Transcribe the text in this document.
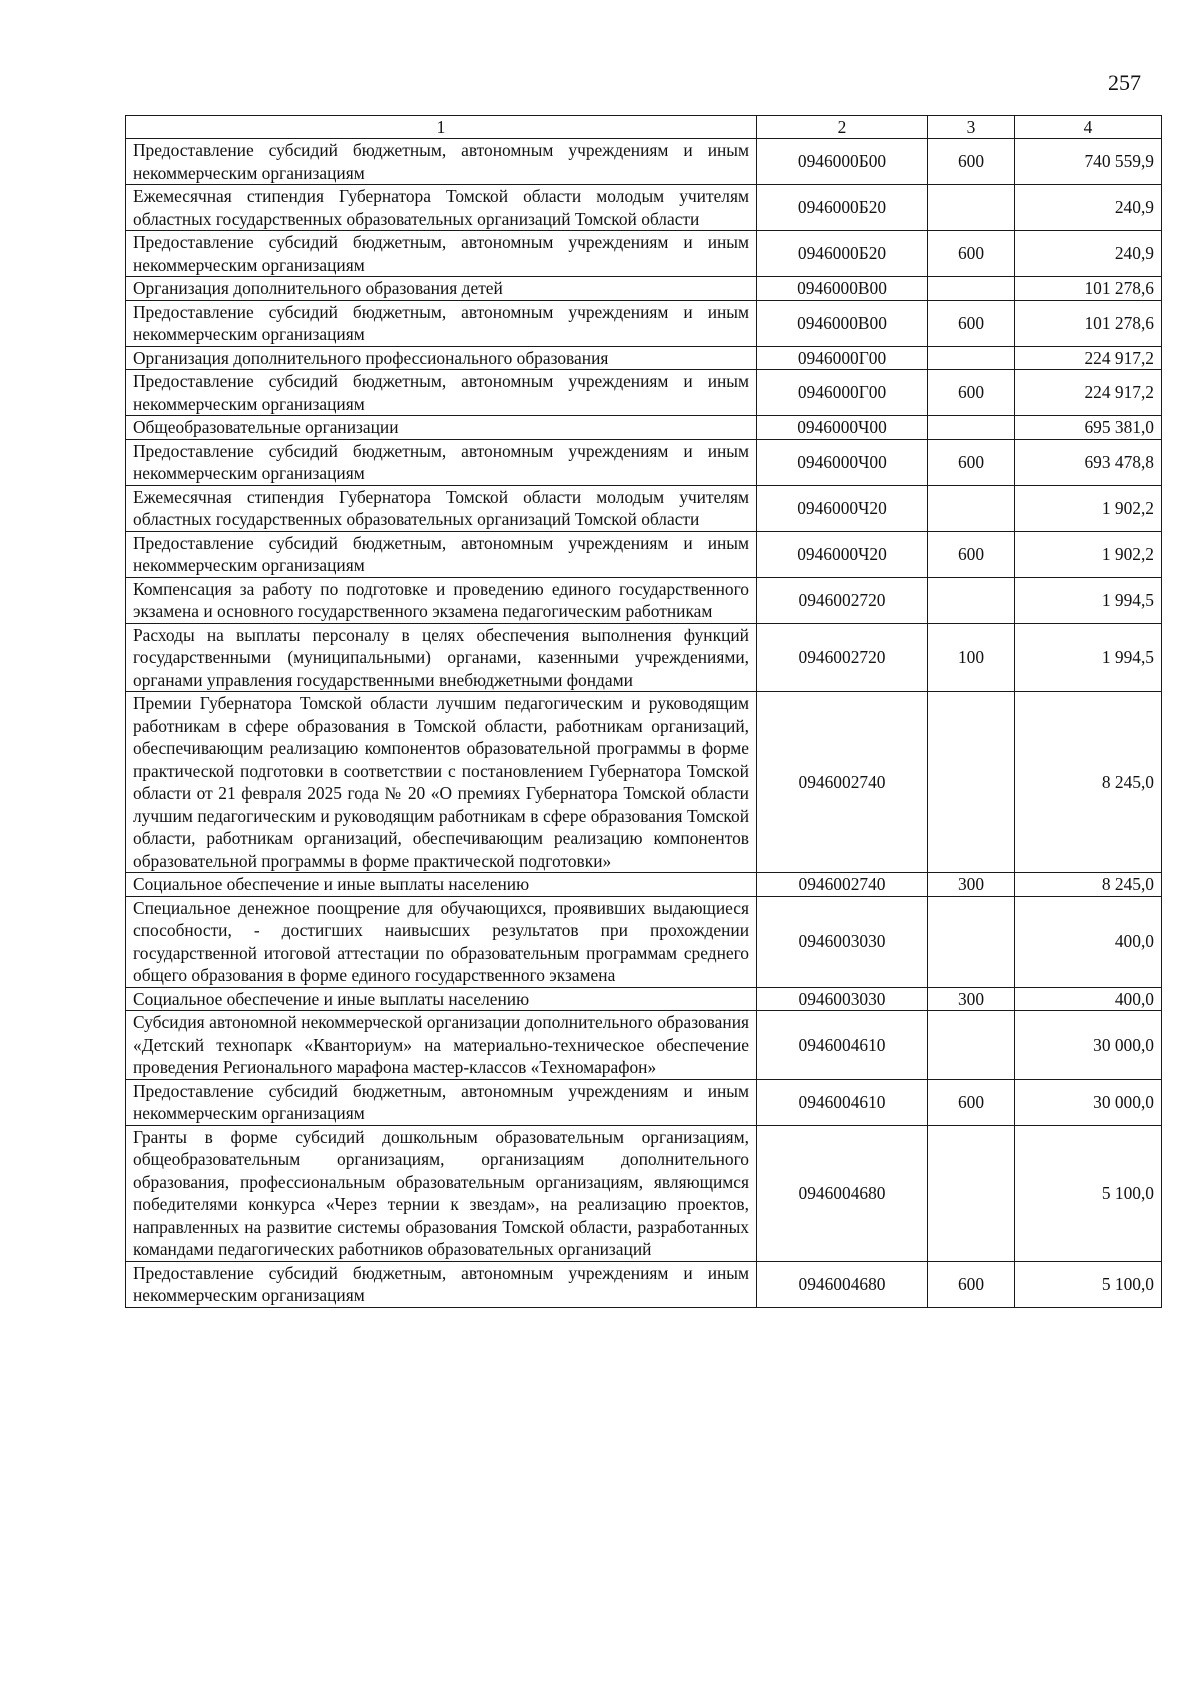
257
1	2	3	4
Предоставление субсидий бюджетным, автономным учреждениям и иным некоммерческим организациям	0946000Б00	600	740 559,9
Ежемесячная стипендия Губернатора Томской области молодым учителям областных государственных образовательных организаций Томской области	0946000Б20		240,9
Предоставление субсидий бюджетным, автономным учреждениям и иным некоммерческим организациям	0946000Б20	600	240,9
Организация дополнительного образования детей	0946000В00		101 278,6
Предоставление субсидий бюджетным, автономным учреждениям и иным некоммерческим организациям	0946000В00	600	101 278,6
Организация дополнительного профессионального образования	0946000Г00		224 917,2
Предоставление субсидий бюджетным, автономным учреждениям и иным некоммерческим организациям	0946000Г00	600	224 917,2
Общеобразовательные организации	0946000Ч00		695 381,0
Предоставление субсидий бюджетным, автономным учреждениям и иным некоммерческим организациям	0946000Ч00	600	693 478,8
Ежемесячная стипендия Губернатора Томской области молодым учителям областных государственных образовательных организаций Томской области	0946000Ч20		1 902,2
Предоставление субсидий бюджетным, автономным учреждениям и иным некоммерческим организациям	0946000Ч20	600	1 902,2
Компенсация за работу по подготовке и проведению единого государственного экзамена и основного государственного экзамена педагогическим работникам	0946002720		1 994,5
Расходы на выплаты персоналу в целях обеспечения выполнения функций государственными (муниципальными) органами, казенными учреждениями, органами управления государственными внебюджетными фондами	0946002720	100	1 994,5
Премии Губернатора Томской области лучшим педагогическим и руководящим работникам в сфере образования в Томской области, работникам организаций, обеспечивающим реализацию компонентов образовательной программы в форме практической подготовки в соответствии с постановлением Губернатора Томской области от 21 февраля 2025 года № 20 «О премиях Губернатора Томской области лучшим педагогическим и руководящим работникам в сфере образования Томской области, работникам организаций, обеспечивающим реализацию компонентов образовательной программы в форме практической подготовки»	0946002740		8 245,0
Социальное обеспечение и иные выплаты населению	0946002740	300	8 245,0
Специальное денежное поощрение для обучающихся, проявивших выдающиеся способности, - достигших наивысших результатов при прохождении государственной итоговой аттестации по образовательным программам среднего общего образования в форме единого государственного экзамена	0946003030		400,0
Социальное обеспечение и иные выплаты населению	0946003030	300	400,0
Субсидия автономной некоммерческой организации дополнительного образования «Детский технопарк «Кванториум» на материально-техническое обеспечение проведения Регионального марафона мастер-классов «Техномарафон»	0946004610		30 000,0
Предоставление субсидий бюджетным, автономным учреждениям и иным некоммерческим организациям	0946004610	600	30 000,0
Гранты в форме субсидий дошкольным образовательным организациям, общеобразовательным организациям, организациям дополнительного образования, профессиональным образовательным организациям, являющимся победителями конкурса «Через тернии к звездам», на реализацию проектов, направленных на развитие системы образования Томской области, разработанных командами педагогических работников образовательных организаций	0946004680		5 100,0
Предоставление субсидий бюджетным, автономным учреждениям и иным некоммерческим организациям	0946004680	600	5 100,0
